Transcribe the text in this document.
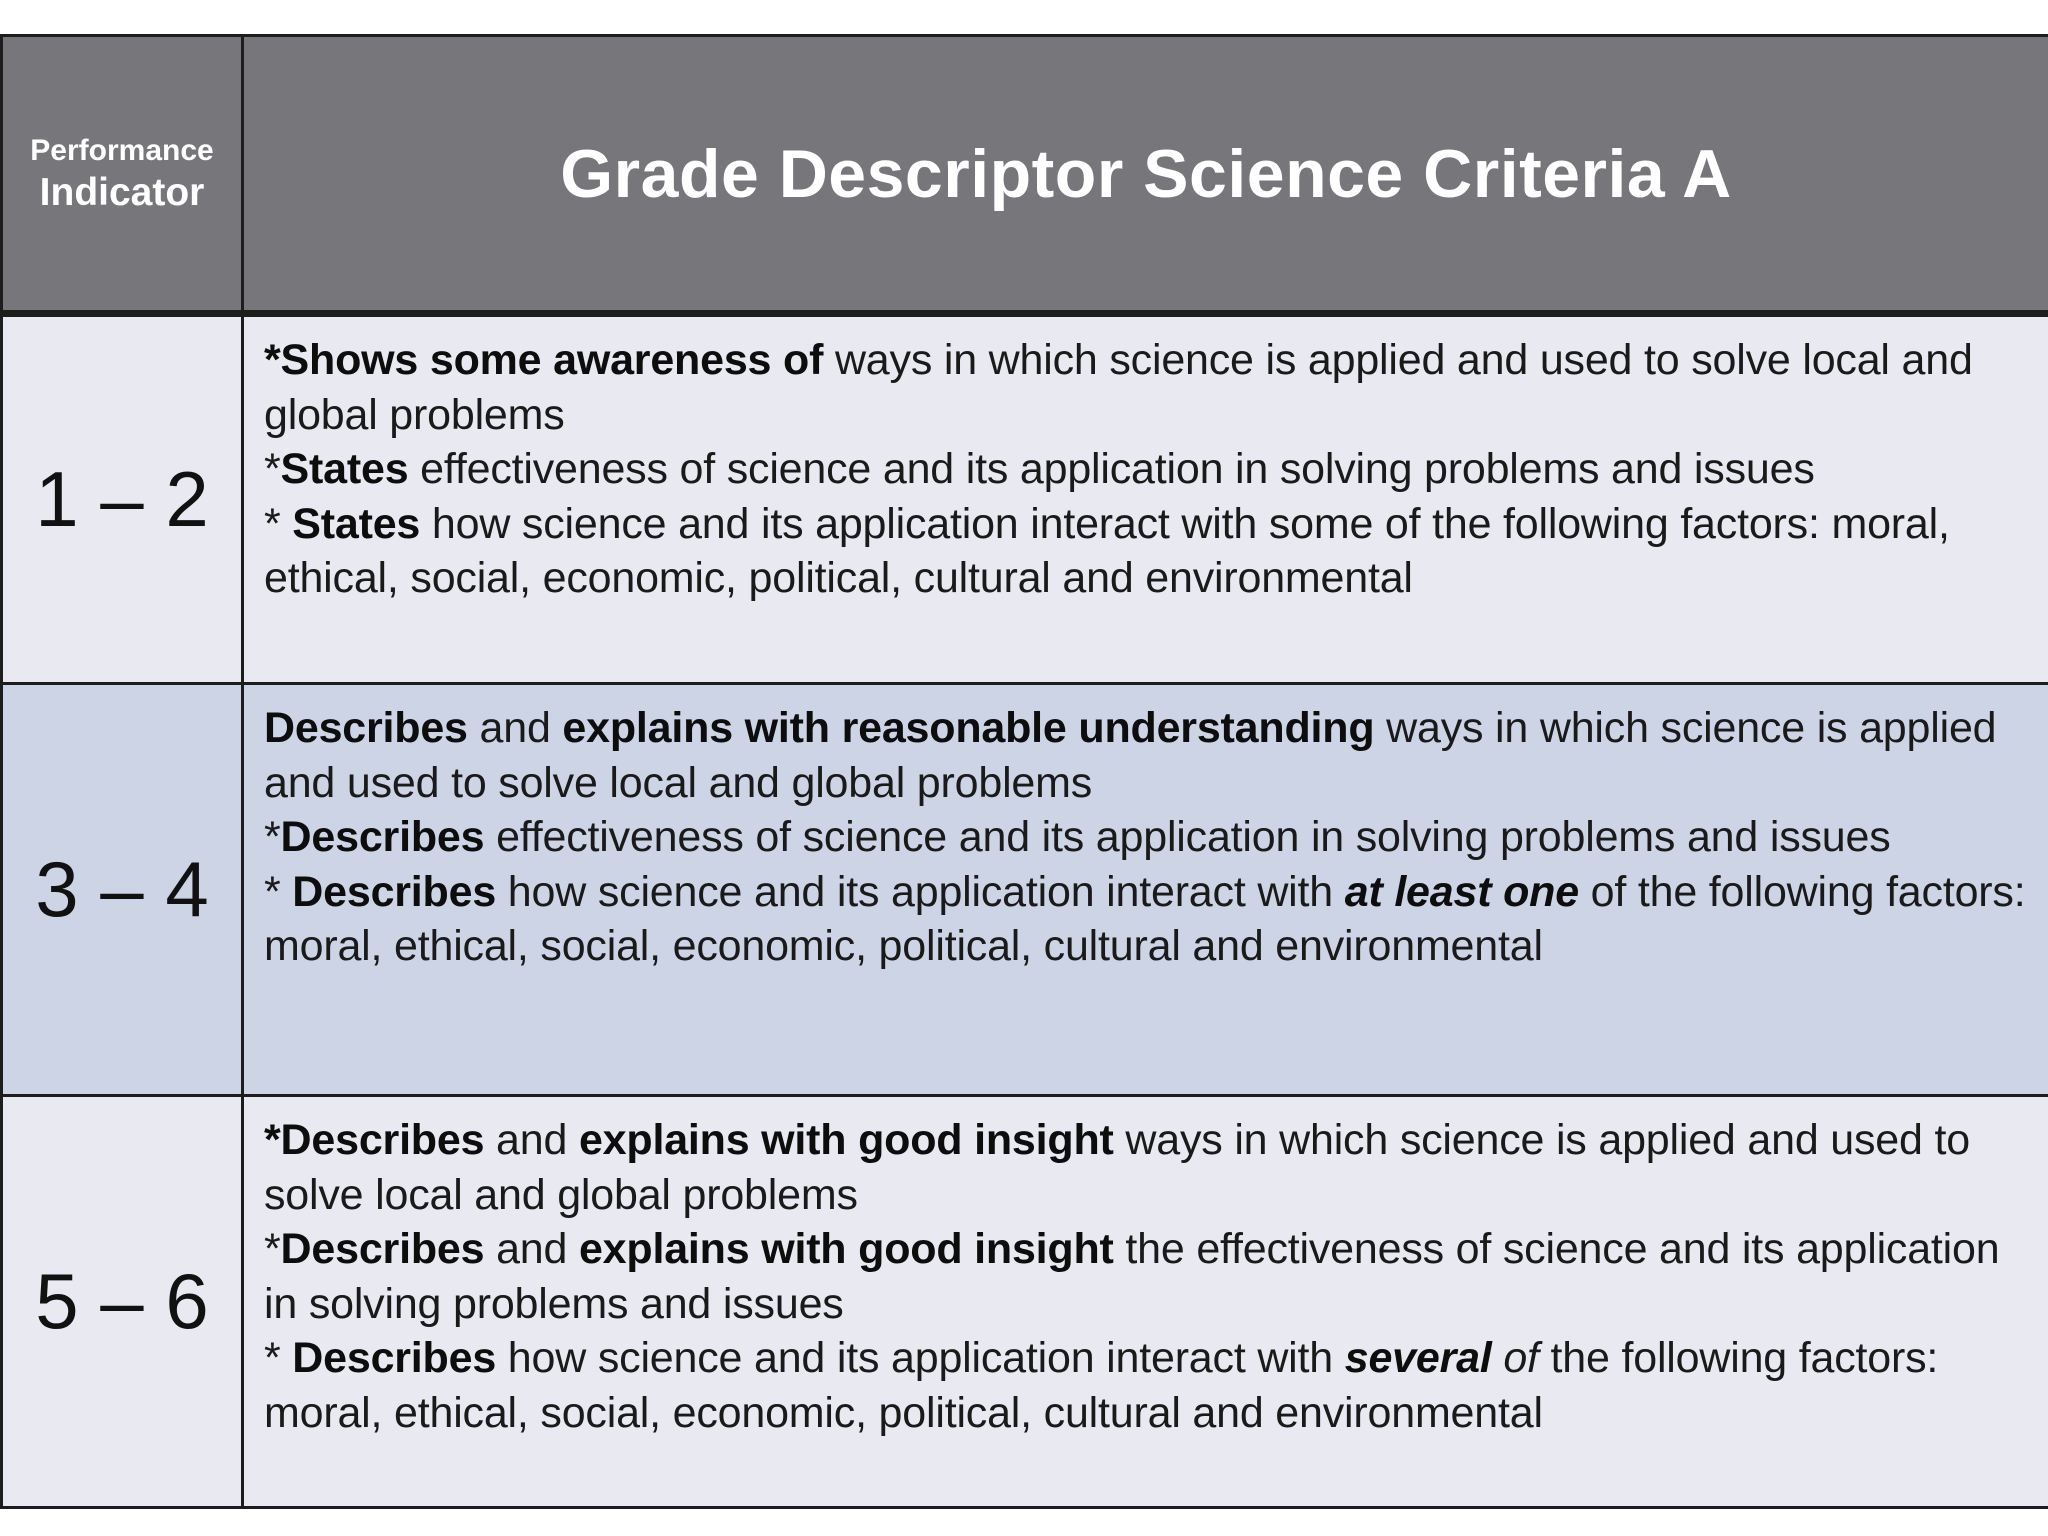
Performance
Indicator	Grade Descriptor Science Criteria A
1 – 2	*Shows some awareness of ways in which science is applied and used to solve local and global problems
*States effectiveness of science and its application in solving problems and issues
* States how science and its application interact with some of the following factors: moral, ethical, social, economic, political, cultural and environmental

3 – 4	Describes and explains with reasonable understanding ways in which science is applied and used to solve local and global problems
*Describes effectiveness of science and its application in solving problems and issues
* Describes how science and its application interact with at least one of the following factors: moral, ethical, social, economic, political, cultural and environmental

5 – 6	*Describes and explains with good insight ways in which science is applied and used to solve local and global problems
*Describes and explains with good insight the effectiveness of science and its application in solving problems and issues
* Describes how science and its application interact with several of the following factors: moral, ethical, social, economic, political, cultural and environmental
